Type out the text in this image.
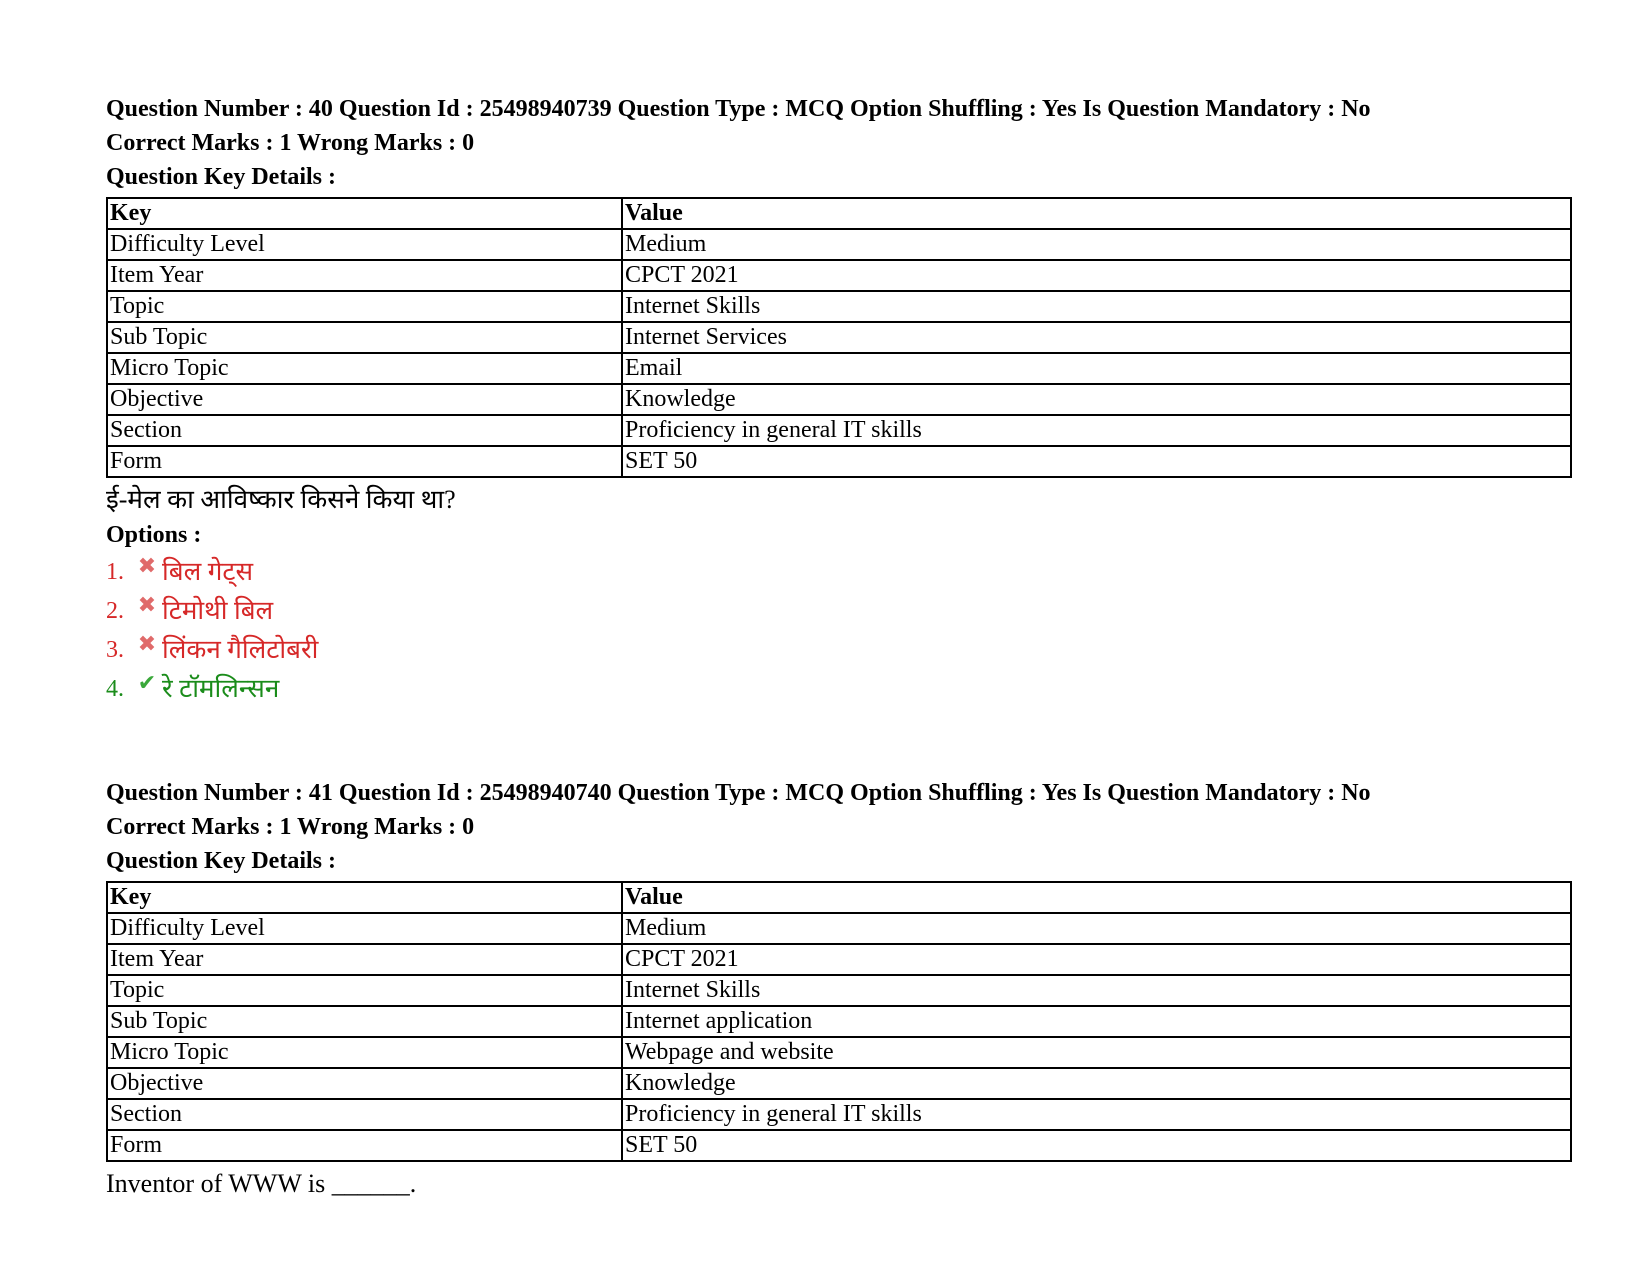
Question Number : 40 Question Id : 25498940739 Question Type : MCQ Option Shuffling : Yes Is Question Mandatory : No
Correct Marks : 1 Wrong Marks : 0
Question Key Details :
Key	Value
Difficulty Level	Medium
Item Year	CPCT 2021
Topic	Internet Skills
Sub Topic	Internet Services
Micro Topic	Email
Objective	Knowledge
Section	Proficiency in general IT skills
Form	SET 50
ई-मेल का आविष्कार किसने किया था?
Options :
1. ✖ बिल गेट्स
2. ✖ टिमोथी बिल
3. ✖ लिंकन गैलिटोबरी
4. ✔ रे टॉमलिन्सन
Question Number : 41 Question Id : 25498940740 Question Type : MCQ Option Shuffling : Yes Is Question Mandatory : No
Correct Marks : 1 Wrong Marks : 0
Question Key Details :
Key	Value
Difficulty Level	Medium
Item Year	CPCT 2021
Topic	Internet Skills
Sub Topic	Internet application
Micro Topic	Webpage and website
Objective	Knowledge
Section	Proficiency in general IT skills
Form	SET 50
Inventor of WWW is ______.
